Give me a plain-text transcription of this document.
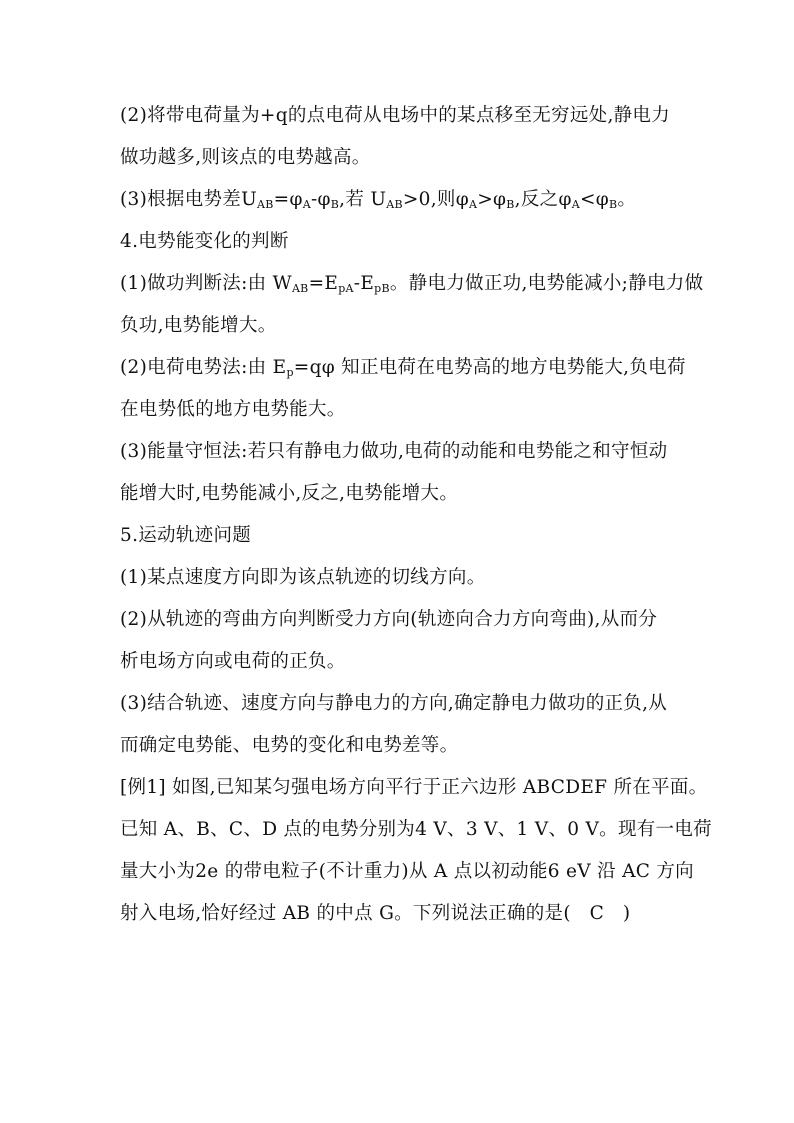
(2)将带电荷量为+q的点电荷从电场中的某点移至无穷远处,静电力
做功越多,则该点的电势越高。
(3)根据电势差$U_{AB}=\varphi_A-\varphi_B$,若 $U_{AB}>0$,则$\varphi_A>\varphi_B$,反之$\varphi_A<\varphi_B$。
4.电势能变化的判断
(1)做功判断法:由 $W_{AB}=E_{pA}-E_{pB}$。静电力做正功,电势能减小;静电力做
负功,电势能增大。
(2)电荷电势法:由 $E_p=q\varphi$ 知正电荷在电势高的地方电势能大,负电荷
在电势低的地方电势能大。
(3)能量守恒法:若只有静电力做功,电荷的动能和电势能之和守恒动
能增大时,电势能减小,反之,电势能增大。
5.运动轨迹问题
(1)某点速度方向即为该点轨迹的切线方向。
(2)从轨迹的弯曲方向判断受力方向(轨迹向合力方向弯曲),从而分
析电场方向或电荷的正负。
(3)结合轨迹、速度方向与静电力的方向,确定静电力做功的正负,从
而确定电势能、电势的变化和电势差等。
[例1] 如图,已知某匀强电场方向平行于正六边形 ABCDEF 所在平面。
已知 A、B、C、D 点的电势分别为4 V、3 V、1 V、0 V。现有一电荷
量大小为2e 的带电粒子(不计重力)从 A 点以初动能6 eV 沿 AC 方向
射入电场,恰好经过 AB 的中点 G。下列说法正确的是(　C　)
